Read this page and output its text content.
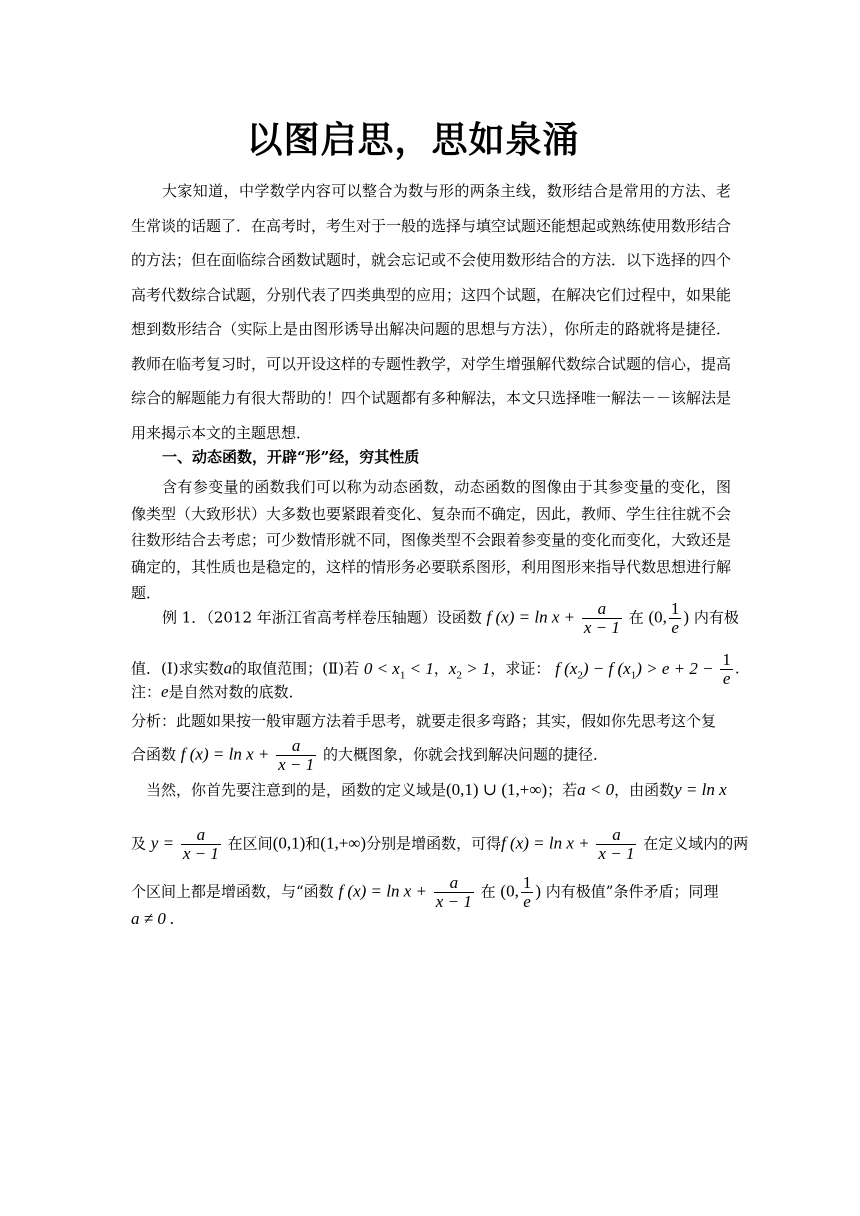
以图启思，思如泉涌
大家知道，中学数学内容可以整合为数与形的两条主线，数形结合是常用的方法、老生常谈的话题了．在高考时，考生对于一般的选择与填空试题还能想起或熟练使用数形结合的方法；但在面临综合函数试题时，就会忘记或不会使用数形结合的方法．以下选择的四个高考代数综合试题，分别代表了四类典型的应用；这四个试题，在解决它们过程中，如果能想到数形结合（实际上是由图形诱导出解决问题的思想与方法），你所走的路就将是捷径．教师在临考复习时，可以开设这样的专题性教学，对学生增强解代数综合试题的信心，提高综合的解题能力有很大帮助的！四个试题都有多种解法，本文只选择唯一解法－－该解法是用来揭示本文的主题思想．
一、动态函数，开辟“形”经，穷其性质
含有参变量的函数我们可以称为动态函数，动态函数的图像由于其参变量的变化，图像类型（大致形状）大多数也要紧跟着变化、复杂而不确定，因此，教师、学生往往就不会往数形结合去考虑；可少数情形就不同，图像类型不会跟着参变量的变化而变化，大致还是确定的，其性质也是稳定的，这样的情形务必要联系图形，利用图形来指导代数思想进行解题．
例 1．（2012 年浙江省高考样卷压轴题）设函数 f $(x) = \ln x + \frac{a}{x - 1}$ 在 (0, $\frac{1}{e}$ ) 内有极
值．(Ⅰ)求实数a的取值范围；(Ⅱ)若 $0 < x_1 < 1$，$x_2 > 1$，求证： f $(x_2) - f$ $(x_1) > e + 2 - \frac{1}{e}$ .
注：e是自然对数的底数．
分析：此题如果按一般审题方法着手思考，就要走很多弯路；其实，假如你先思考这个复
合函数 f $(x) = \ln x + \frac{a}{x - 1}$ 的大概图象，你就会找到解决问题的捷径．
当然，你首先要注意到的是，函数的定义域是(0,1) ∪ (1,+∞)；若a < 0，由函数y = ln x
及 $y = \frac{a}{x - 1}$ 在区间(0,1)和(1,+∞)分别是增函数，可得f $(x) = \ln x + \frac{a}{x - 1}$ 在定义域内的两
个区间上都是增函数，与“函数 f $(x) = \ln x + \frac{a}{x - 1}$ 在 (0, $\frac{1}{e}$ ) 内有极值”条件矛盾；同理
a ≠ 0 .
